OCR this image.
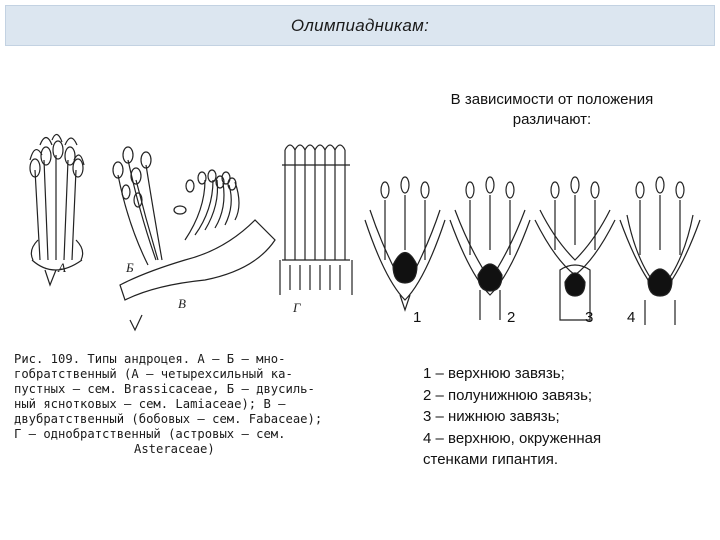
Олимпиадникам:
В зависимости от положения
различают:
А	Б
В	Г
1	2	3 4
Рис. 109. Типы андроцея. А — Б — мно-
гобратственный (А — четырехсильный ка-
пустных — сем. Brassicaceae, Б — двусиль-
ный яснотковых — сем. Lamiaceae); В —
двубратственный (бобовых — сем. Fabaceae);
Г — однобратственный (астровых — сем.
Asteraceae)
1 – верхнюю завязь;
2 – полунижнюю завязь;
3 – нижнюю завязь;
4 – верхнюю, окруженная
стенками гипантия.
